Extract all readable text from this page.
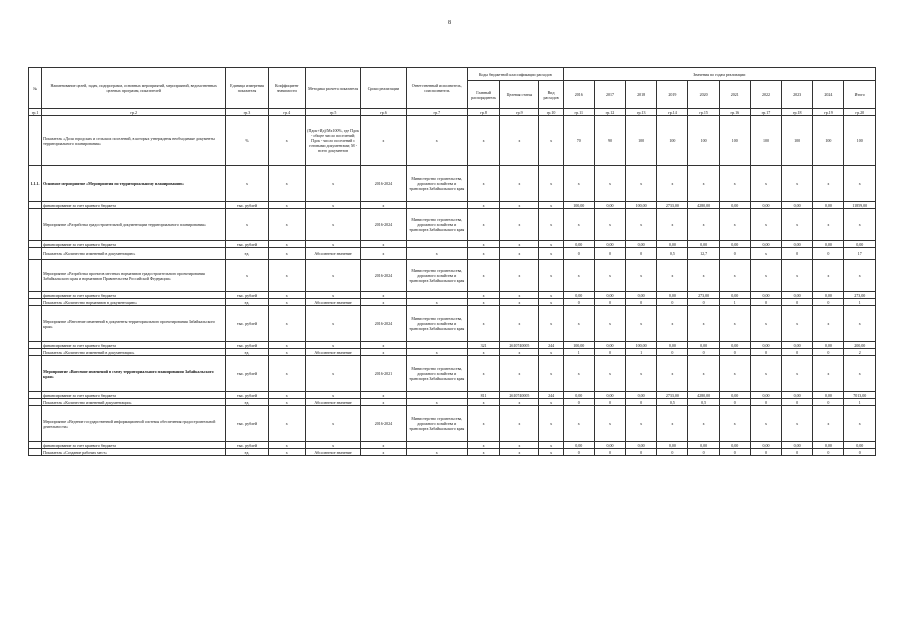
8
№	Наименование целей, задач, подпрограмм, основных мероприятий, мероприятий, ведомственных целевых программ, показателей	Единица измерения показателя	Коэффициент значимости	Методика расчета показателя	Сроки реализации	Ответственный исполнитель, соисполнитель	Коды бюджетной классификации расходов			Значения по годам реализации									
							Главный распорядитель	Целевая статья	Вид расходов	2016	2017	2018	2019	2020	2021	2022	2023	2024	Итого
гр.1	гр.2	гр.3	гр.4	гр.5	гр.6	гр.7	гр.8	гр.9	гр.10	гр.11	гр.12	гр.13	гр.14	гр.15	гр.16	гр.17	гр.18	гр.19	гр.20
	Показатель «Доля городских и сельских поселений, в которых утверждены необходимые документы территориального планирования»	%	х	(Пдок+Ид)/Мх100%, где Пдок - общее число поселений; Пдок - число поселений с готовыми документами; М - всего документов	х	х	х	х	х	70	90	100	100	100	100	100	100	100	100
1.1.1.	Основное мероприятие «Мероприятия по территориальному планированию»	х	х	х	2016-2024	Министерство строительства, дорожного хозяйства и транспорта Забайкальского края	х	х	х	х	х	х	х	х	х	х	х	х	х
	финансирование за счет краевого бюджета	тыс. рублей	х	х	х		х	х	х	100,00	0,00	100,00	2733,00	4280,00	0,00	0,00	0,00	0,00	11859,00
	Мероприятие «Разработка градостроительной документации территориального планирования»	х	х	х	2016-2024	Министерство строительства, дорожного хозяйства и транспорта Забайкальского края	х	х	х	х	х	х	х	х	х	х	х	х	х
	финансирование за счет краевого бюджета	тыс. рублей	х	х	х		х	х	х	0,00	0,00	0,00	0,00	0,00	0,00	0,00	0,00	0,00	0,00
	Показатель «Количество изменений в документацию»	ед.	х	Абсолютное значение	х	х	х	х	х	0	0	0	0,5	12,7	0	х	0	0	17
	Мероприятие «Разработка проектов местных нормативов градостроительного проектирования Забайкальского края и нормативов Правительства Российской Федерации»	х	х	х	2016-2024	Министерство строительства, дорожного хозяйства и транспорта Забайкальского края	х	х	х	х	х	х	х	х	х	х	х	х	х
	финансирование за счет краевого бюджета	тыс. рублей	х	х	х		х	х	х	0,00	0,00	0,00	0,00	273,00	0,00	0,00	0,00	0,00	273,00
	Показатель «Количество нормативов в документацию»	ед.	х	Абсолютное значение	х	х	х	х	х	0	0	0	0	0	1	0	0	0	1
	Мероприятие «Внесение изменений в документы территориального проектирования Забайкальского края»	тыс. рублей	х	х	2016-2024	Министерство строительства, дорожного хозяйства и транспорта Забайкальского края	х	х	х	х	х	х	х	х	х	х	х	х	х
	финансирование за счет краевого бюджета	тыс. рублей	х	х	х		321	2610740005	244	100,00	0,00	100,00	0,00	0,00	0,00	0,00	0,00	0,00	200,00
	Показатель «Количество изменений в документации»	ед.	х	Абсолютное значение	х	х	х	х	х	1	0	1	0	0	0	0	0	0	2
	Мероприятие «Внесение изменений в схему территориального планирования Забайкальского края»	тыс. рублей	х	х	2016-2021	Министерство строительства, дорожного хозяйства и транспорта Забайкальского края	х	х	х	х	х	х	х	х	х	х	х	х	х
	финансирование за счет краевого бюджета	тыс. рублей	х	х	х		811	2610740005	244	0,00	0,00	0,00	2733,00	4280,00	0,00	0,00	0,00	0,00	7013,00
	Показатель «Количество изменений документации»	ед.	х	Абсолютное значение	х	х	х	х	х	0	0	0	0,5	0,5	0	0	0	0	1
	Мероприятие «Ведение государственной информационной системы обеспечения градостроительной деятельности»	тыс. рублей	х	х	2016-2024	Министерство строительства, дорожного хозяйства и транспорта Забайкальского края	х	х	х	х	х	х	х	х	х	х	х	х	х
	финансирование за счет краевого бюджета	тыс. рублей	х	х	х		х	х	х	0,00	0,00	0,00	0,00	0,00	0,00	0,00	0,00	0,00	0,00
	Показатель «Создание рабочих мест»	ед.	х	Абсолютное значение	х	х	х	х	х	0	0	0	0	0	0	0	0	0	0
